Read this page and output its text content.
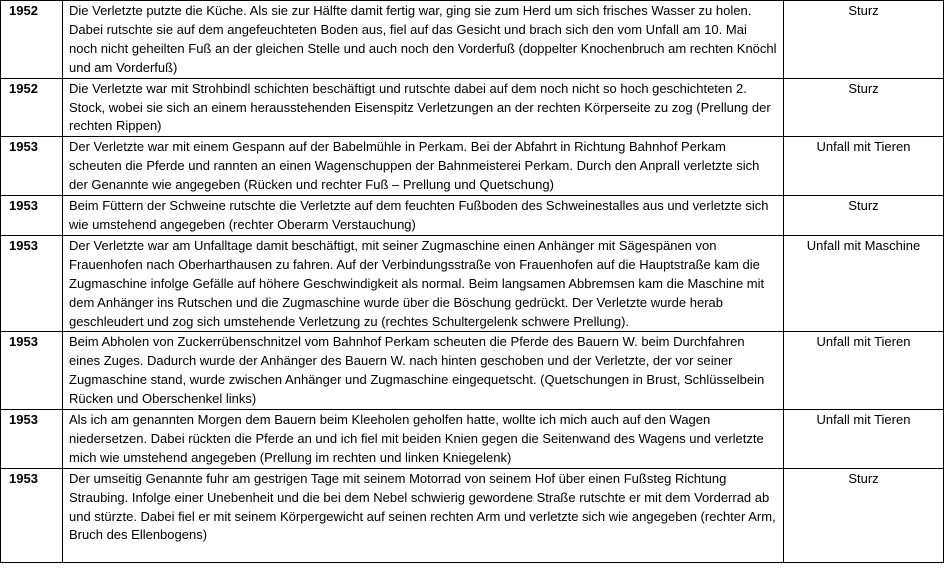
1952	Die Verletzte putzte die Küche. Als sie zur Hälfte damit fertig war, ging sie zum Herd um sich frisches Wasser zu holen. Dabei rutschte sie auf dem angefeuchteten Boden aus, fiel auf das Gesicht und brach sich den vom Unfall am 10. Mai noch nicht geheilten Fuß an der gleichen Stelle und auch noch den Vorderfuß (doppelter Knochenbruch am rechten Knöchl und am Vorderfuß)	Sturz
1952	Die Verletzte war mit Strohbindl schichten beschäftigt und rutschte dabei auf dem noch nicht so hoch geschichteten 2. Stock, wobei sie sich an einem herausstehenden Eisenspitz Verletzungen an der rechten Körperseite zu zog (Prellung der rechten Rippen)	Sturz
1953	Der Verletzte war mit einem Gespann auf der Babelmühle in Perkam. Bei der Abfahrt in Richtung Bahnhof Perkam scheuten die Pferde und rannten an einen Wagenschuppen der Bahnmeisterei Perkam. Durch den Anprall verletzte sich der Genannte wie angegeben (Rücken und rechter Fuß – Prellung und Quetschung)	Unfall mit Tieren
1953	Beim Füttern der Schweine rutschte die Verletzte auf dem feuchten Fußboden des Schweinestalles aus und verletzte sich wie umstehend angegeben (rechter Oberarm Verstauchung)	Sturz
1953	Der Verletzte war am Unfalltage damit beschäftigt, mit seiner Zugmaschine einen Anhänger mit Sägespänen von Frauenhofen nach Oberharthausen zu fahren. Auf der Verbindungsstraße von Frauenhofen auf die Hauptstraße kam die Zugmaschine infolge Gefälle auf höhere Geschwindigkeit als normal. Beim langsamen Abbremsen kam die Maschine mit dem Anhänger ins Rutschen und die Zugmaschine wurde über die Böschung gedrückt. Der Verletzte wurde herab geschleudert und zog sich umstehende Verletzung zu (rechtes Schultergelenk schwere Prellung).	Unfall mit Maschine
1953	Beim Abholen von Zuckerrübenschnitzel vom Bahnhof Perkam scheuten die Pferde des Bauern W. beim Durchfahren eines Zuges. Dadurch wurde der Anhänger des Bauern W. nach hinten geschoben und der Verletzte, der vor seiner Zugmaschine stand, wurde zwischen Anhänger und Zugmaschine eingequetscht. (Quetschungen in Brust, Schlüsselbein Rücken und Oberschenkel links)	Unfall mit Tieren
1953	Als ich am genannten Morgen dem Bauern beim Kleeholen geholfen hatte, wollte ich mich auch auf den Wagen niedersetzen. Dabei rückten die Pferde an und ich fiel mit beiden Knien gegen die Seitenwand des Wagens und verletzte mich wie umstehend angegeben (Prellung im rechten und linken Kniegelenk)	Unfall mit Tieren
1953	Der umseitig Genannte fuhr am gestrigen Tage mit seinem Motorrad von seinem Hof über einen Fußsteg Richtung Straubing. Infolge einer Unebenheit und die bei dem Nebel schwierig gewordene Straße rutschte er mit dem Vorderrad ab und stürzte. Dabei fiel er mit seinem Körpergewicht auf seinen rechten Arm und verletzte sich wie angegeben (rechter Arm, Bruch des Ellenbogens)	Sturz
